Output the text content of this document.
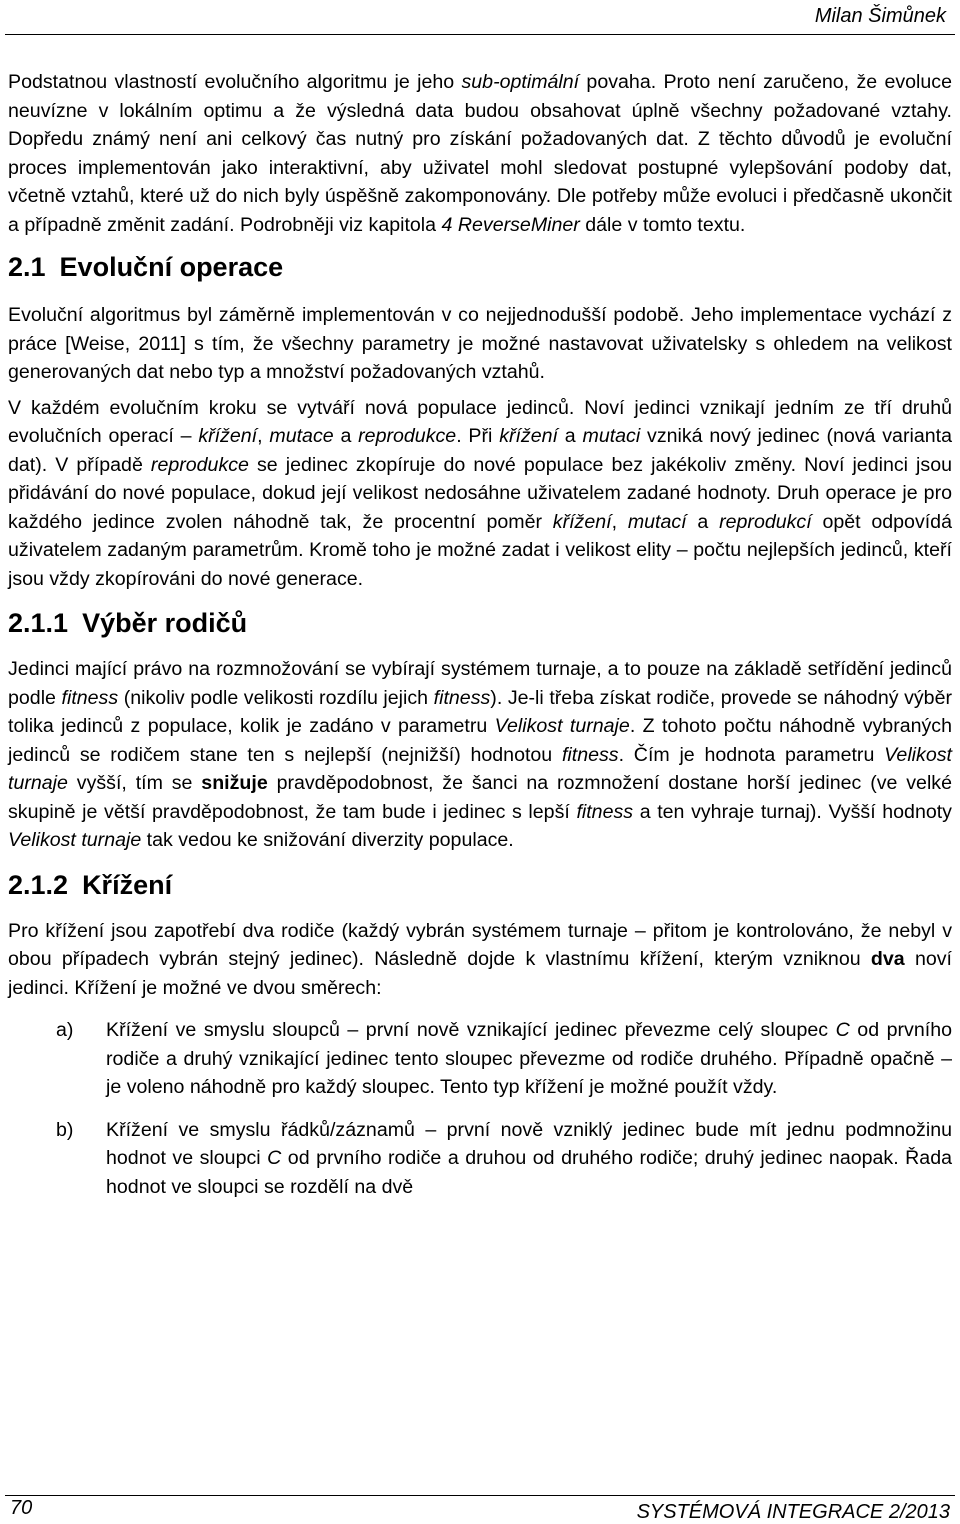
Milan Šimůnek

Podstatnou vlastností evolučního algoritmu je jeho sub-optimální povaha. Proto není zaručeno, že evoluce neuvízne v lokálním optimu a že výsledná data budou obsahovat úplně všechny požadované vztahy. Dopředu známý není ani celkový čas nutný pro získání požadovaných dat. Z těchto důvodů je evoluční proces implementován jako interaktivní, aby uživatel mohl sledovat postupné vylepšování podoby dat, včetně vztahů, které už do nich byly úspěšně zakomponovány. Dle potřeby může evoluci i předčasně ukončit a případně změnit zadání. Podrobněji viz kapitola 4 ReverseMiner dále v tomto textu.

2.1 Evoluční operace

Evoluční algoritmus byl záměrně implementován v co nejjednodušší podobě. Jeho implementace vychází z práce [Weise, 2011] s tím, že všechny parametry je možné nastavovat uživatelsky s ohledem na velikost generovaných dat nebo typ a množství požadovaných vztahů.

V každém evolučním kroku se vytváří nová populace jedinců. Noví jedinci vznikají jedním ze tří druhů evolučních operací – křížení, mutace a reprodukce. Při křížení a mutaci vzniká nový jedinec (nová varianta dat). V případě reprodukce se jedinec zkopíruje do nové populace bez jakékoliv změny. Noví jedinci jsou přidávání do nové populace, dokud její velikost nedosáhne uživatelem zadané hodnoty. Druh operace je pro každého jedince zvolen náhodně tak, že procentní poměr křížení, mutací a reprodukcí opět odpovídá uživatelem zadaným parametrům. Kromě toho je možné zadat i velikost elity – počtu nejlepších jedinců, kteří jsou vždy zkopírováni do nové generace.

2.1.1 Výběr rodičů

Jedinci mající právo na rozmnožování se vybírají systémem turnaje, a to pouze na základě setřídění jedinců podle fitness (nikoliv podle velikosti rozdílu jejich fitness). Je-li třeba získat rodiče, provede se náhodný výběr tolika jedinců z populace, kolik je zadáno v parametru Velikost turnaje. Z tohoto počtu náhodně vybraných jedinců se rodičem stane ten s nejlepší (nejnižší) hodnotou fitness. Čím je hodnota parametru Velikost turnaje vyšší, tím se snižuje pravděpodobnost, že šanci na rozmnožení dostane horší jedinec (ve velké skupině je větší pravděpodobnost, že tam bude i jedinec s lepší fitness a ten vyhraje turnaj). Vyšší hodnoty Velikost turnaje tak vedou ke snižování diverzity populace.

2.1.2 Křížení

Pro křížení jsou zapotřebí dva rodiče (každý vybrán systémem turnaje – přitom je kontrolováno, že nebyl v obou případech vybrán stejný jedinec). Následně dojde k vlastnímu křížení, kterým vzniknou dva noví jedinci. Křížení je možné ve dvou směrech:

a) Křížení ve smyslu sloupců – první nově vznikající jedinec převezme celý sloupec C od prvního rodiče a druhý vznikající jedinec tento sloupec převezme od rodiče druhého. Případně opačně – je voleno náhodně pro každý sloupec. Tento typ křížení je možné použít vždy.
b) Křížení ve smyslu řádků/záznamů – první nově vzniklý jedinec bude mít jednu podmnožinu hodnot ve sloupci C od prvního rodiče a druhou od druhého rodiče; druhý jedinec naopak. Řada hodnot ve sloupci se rozdělí na dvě
70	SYSTÉMOVÁ INTEGRACE 2/2013
